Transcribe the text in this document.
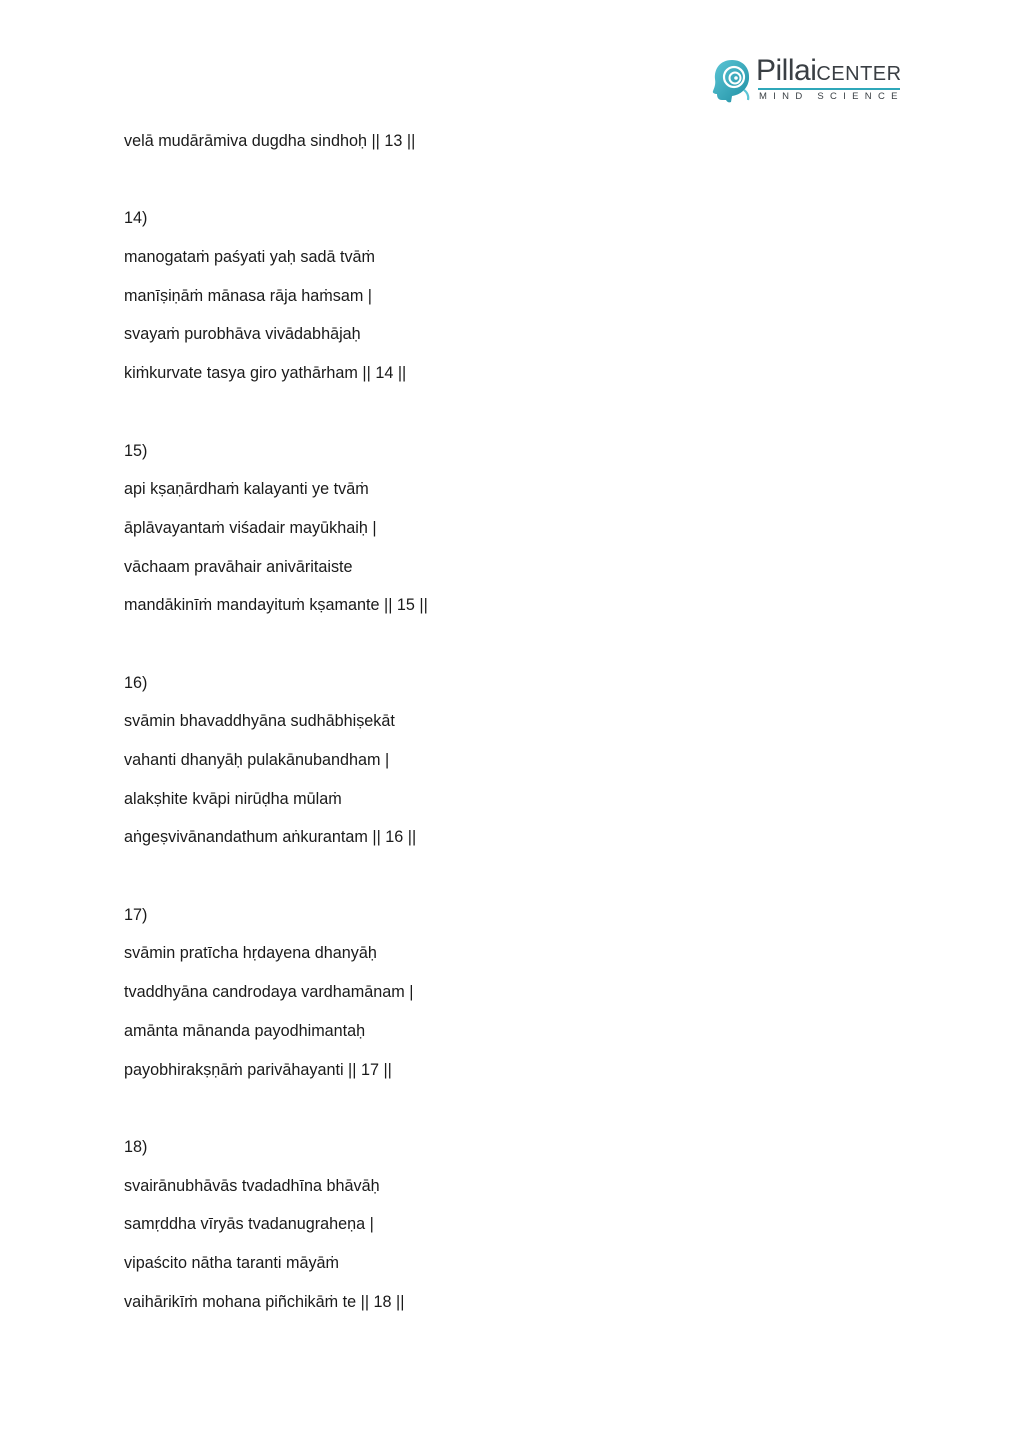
PillaiCENTER
MIND SCIENCE
velā mudārāmiva dugdha sindhoḥ || 13 ||
14)
manogataṁ paśyati yaḥ sadā tvāṁ
manīṣiṇāṁ mānasa rāja haṁsam |
svayaṁ purobhāva vivādabhājaḥ
kiṁkurvate tasya giro yathārham || 14 ||
15)
api kṣaṇārdhaṁ kalayanti ye tvāṁ
āplāvayantaṁ viśadair mayūkhaiḥ |
vāchaam pravāhair anivāritaiste
mandākinīṁ mandayituṁ kṣamante || 15 ||
16)
svāmin bhavaddhyāna sudhābhiṣekāt
vahanti dhanyāḥ pulakānubandham |
alakṣhite kvāpi nirūḍha mūlaṁ
aṅgeṣvivānandathum aṅkurantam || 16 ||
17)
svāmin pratīcha hṛdayena dhanyāḥ
tvaddhyāna candrodaya vardhamānam |
amānta mānanda payodhimantaḥ
payobhirakṣṇāṁ parivāhayanti || 17 ||
18)
svairānubhāvās tvadadhīna bhāvāḥ
samṛddha vīryās tvadanugraheṇa |
vipaścito nātha taranti māyāṁ
vaihārikīṁ mohana piñchikāṁ te || 18 ||
